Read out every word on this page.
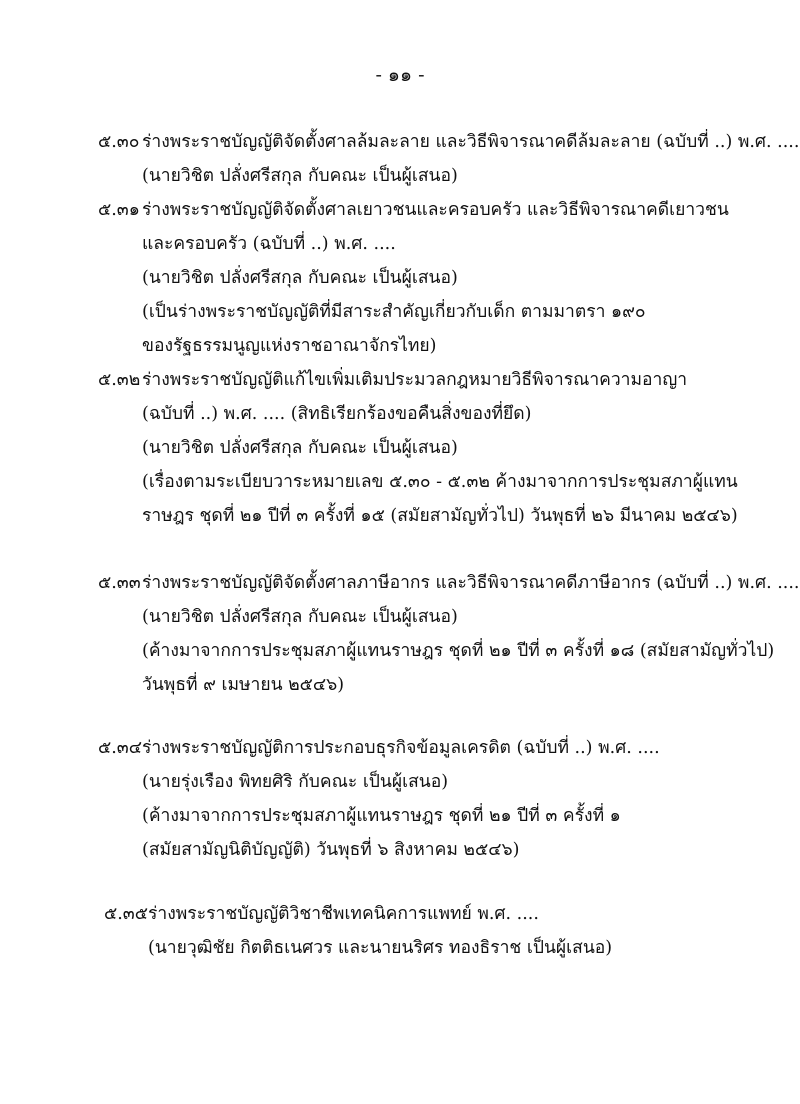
- ๑๑ -
๕.๓๐ ร่างพระราชบัญญัติจัดตั้งศาลล้มละลาย และวิธีพิจารณาคดีล้มละลาย (ฉบับที่ ..) พ.ศ. ....
(นายวิชิต ปลั่งศรีสกุล กับคณะ เป็นผู้เสนอ)
๕.๓๑ ร่างพระราชบัญญัติจัดตั้งศาลเยาวชนและครอบครัว และวิธีพิจารณาคดีเยาวชน
และครอบครัว (ฉบับที่ ..) พ.ศ. ....
(นายวิชิต ปลั่งศรีสกุล กับคณะ เป็นผู้เสนอ)
(เป็นร่างพระราชบัญญัติที่มีสาระสำคัญเกี่ยวกับเด็ก ตามมาตรา ๑๙๐
ของรัฐธรรมนูญแห่งราชอาณาจักรไทย)
๕.๓๒ร่างพระราชบัญญัติแก้ไขเพิ่มเติมประมวลกฎหมายวิธีพิจารณาความอาญา
(ฉบับที่ ..) พ.ศ. .... (สิทธิเรียกร้องขอคืนสิ่งของที่ยึด)
(นายวิชิต ปลั่งศรีสกุล กับคณะ เป็นผู้เสนอ)
(เรื่องตามระเบียบวาระหมายเลข ๕.๓๐ - ๕.๓๒ ค้างมาจากการประชุมสภาผู้แทน
ราษฎร ชุดที่ ๒๑ ปีที่ ๓ ครั้งที่ ๑๕ (สมัยสามัญทั่วไป) วันพุธที่ ๒๖ มีนาคม ๒๕๔๖)
๕.๓๓ร่างพระราชบัญญัติจัดตั้งศาลภาษีอากร และวิธีพิจารณาคดีภาษีอากร (ฉบับที่ ..) พ.ศ. ....
(นายวิชิต ปลั่งศรีสกุล กับคณะ เป็นผู้เสนอ)
(ค้างมาจากการประชุมสภาผู้แทนราษฎร ชุดที่ ๒๑ ปีที่ ๓ ครั้งที่ ๑๘ (สมัยสามัญทั่วไป)
วันพุธที่ ๙ เมษายน ๒๕๔๖)
๕.๓๔ร่างพระราชบัญญัติการประกอบธุรกิจข้อมูลเครดิต (ฉบับที่ ..) พ.ศ. ....
(นายรุ่งเรือง พิทยศิริ กับคณะ เป็นผู้เสนอ)
(ค้างมาจากการประชุมสภาผู้แทนราษฎร ชุดที่ ๒๑ ปีที่ ๓ ครั้งที่ ๑
(สมัยสามัญนิติบัญญัติ) วันพุธที่ ๖ สิงหาคม ๒๕๔๖)
๕.๓๕ร่างพระราชบัญญัติวิชาชีพเทคนิคการแพทย์ พ.ศ. ....
(นายวุฒิชัย กิตติธเนศวร และนายนริศร ทองธิราช เป็นผู้เสนอ)
